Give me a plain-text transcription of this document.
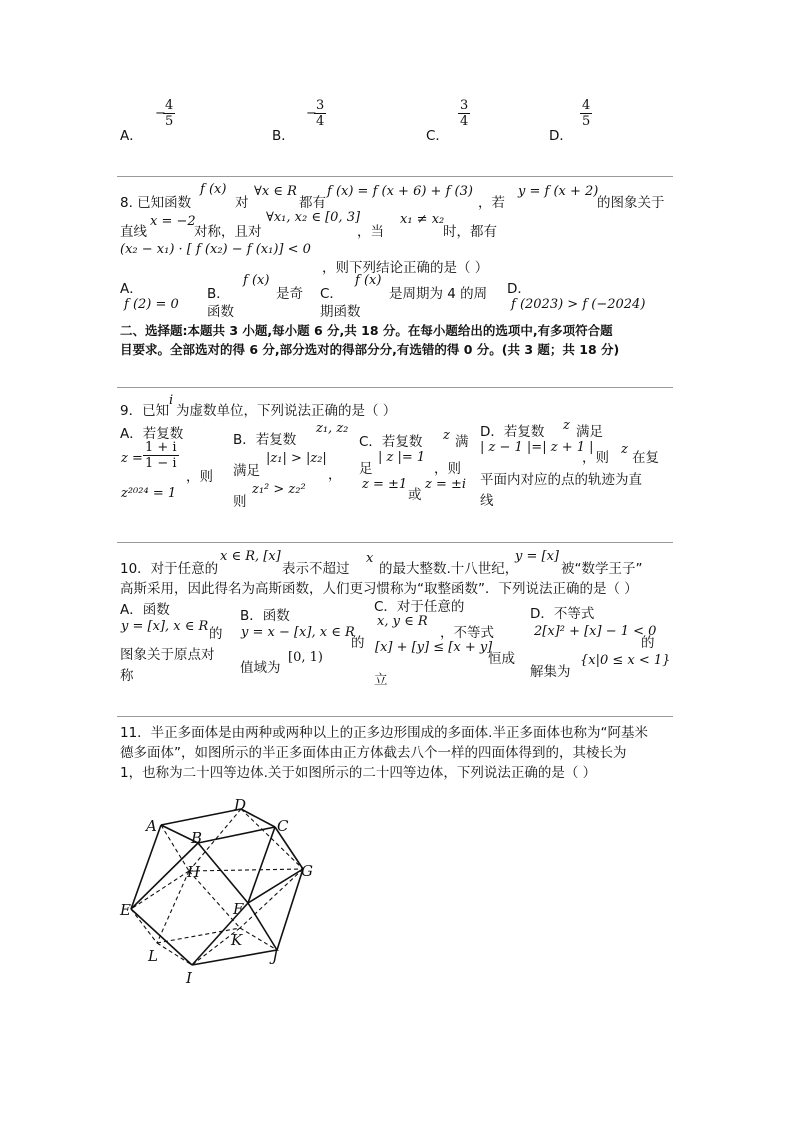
A．
−
$\frac{4}{5}$
B．
−
$\frac{3}{4}$
C．
$\frac{3}{4}$
D．
$\frac{4}{5}$
8. 已知函数
f (x)
对
∀x ∈ R
都有
f (x) = f (x + 6) + f (3)
，若
y = f (x + 2)
的图象关于
直线
x = −2
对称，且对
∀x₁, x₂ ∈ [0, 3]
，当
x₁ ≠ x₂
时，都有
(x₂ − x₁) · [ f (x₂) − f (x₁)] < 0
，则下列结论正确的是（ ）
A．
f (2) = 0
B．
f (x)
是奇
函数
C．
f (x)
是周期为 4 的周
期函数
D．
f (2023) > f (−2024)
二、选择题:本题共 3 小题,每小题 6 分,共 18 分。在每小题给出的选项中,有多项符合题
目要求。全部选对的得 6 分,部分选对的得部分分,有选错的得 0 分。(共 3 题；共 18 分)
9．已知
i
为虚数单位，下列说法正确的是（ ）
A．若复数
$z = \frac{1 + i}{1 - i}$
，则
z²⁰²⁴ = 1
B．若复数
z₁, z₂
满足
|z₁| > |z₂|
，
则
z₁² > z₂²
C．若复数 z 满
足
| z |= 1
，则
z = ±1
或
z = ±i
D．若复数 z 满足
| z − 1 |=| z + 1 |
，则
z
在复
平面内对应的点的轨迹为直
线
10．对于任意的
x ∈ R, [x]
表示不超过
x
的最大整数.十八世纪，
y = [x]
被“数学王子”
高斯采用，因此得名为高斯函数，人们更习惯称为“取整函数”．下列说法正确的是（ ）
A．函数
y = [x], x ∈ R 的
图象关于原点对
称
B．函数
y = x − [x], x ∈ R
的
值域为
[0, 1)
C．对于任意的
x, y ∈ R
，不等式
[x] + [y] ≤ [x + y]
恒成
立
D．不等式
2[x]² + [x] − 1 < 0
的
解集为
{x|0 ≤ x < 1}
11．半正多面体是由两种或两种以上的正多边形围成的多面体.半正多面体也称为“阿基米
德多面体”，如图所示的半正多面体由正方体截去八个一样的四面体得到的，其棱长为
1，也称为二十四等边体.关于如图所示的二十四等边体，下列说法正确的是（ ）
A
B
C
D
E	F
G
H
I
J
K
L
